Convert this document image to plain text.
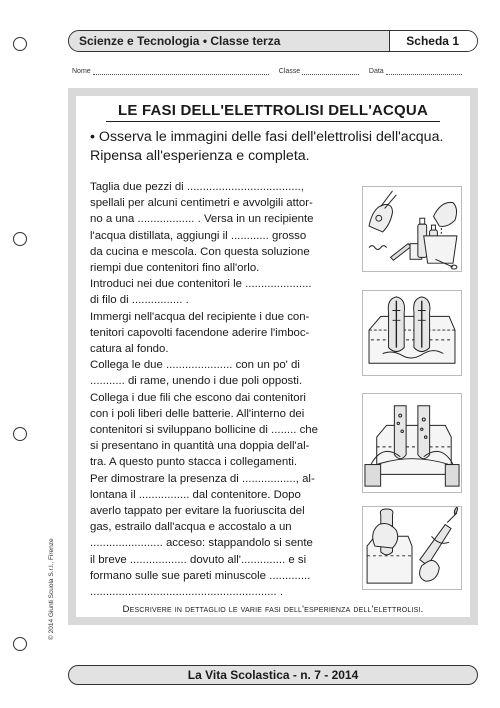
Scienze e Tecnologia • Classe terza	Scheda 1
Nome	Classe	Data
LE FASI DELL'ELETTROLISI DELL'ACQUA
• Osserva le immagini delle fasi dell'elettrolisi dell'acqua. Ripensa all'esperienza e completa.
Taglia due pezzi di ....................................,
spellali per alcuni centimetri e avvolgili attor-
no a una .................. . Versa in un recipiente
l'acqua distillata, aggiungi il ............ grosso
da cucina e mescola. Con questa soluzione
riempi due contenitori fino all'orlo.
Introduci nei due contenitori le .....................
di filo di ................ .
Immergi nell'acqua del recipiente i due con-
tenitori capovolti facendone aderire l'imboc-
catura al fondo.
Collega le due ..................... con un po' di
........... di rame, unendo i due poli opposti.
Collega i due fili che escono dai contenitori
con i poli liberi delle batterie. All'interno dei
contenitori si sviluppano bollicine di ........ che
si presentano in quantità una doppia dell'al-
tra. A questo punto stacca i collegamenti.
Per dimostrare la presenza di ................., al-
lontana il ................ dal contenitore. Dopo
averlo tappato per evitare la fuoriuscita del
gas, estrailo dall'acqua e accostalo a un
....................... acceso: stappandolo si sente
il breve .................. dovuto all'.............. e si
formano sulle sue pareti minuscole .............
........................................................... .
Descrivere in dettaglio le varie fasi dell'esperienza dell'elettrolisi.
© 2014 Giunti Scuola S.r.l., Firenze
La Vita Scolastica - n. 7 - 2014
